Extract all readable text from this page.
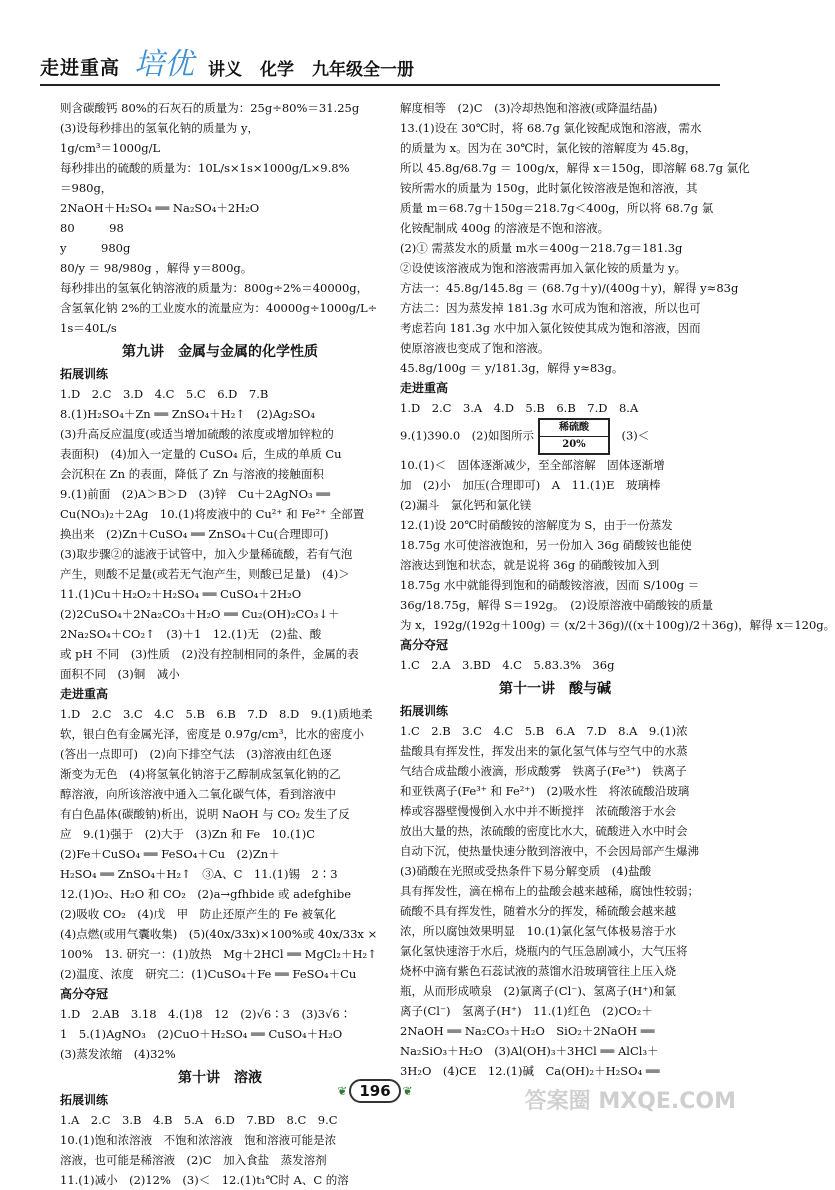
走进重高 培优 讲义 化学 九年级全一册
则含碳酸钙 80%的石灰石的质量为：25g÷80%＝31.25g
(3)设每秒排出的氢氧化钠的质量为 y，
1g/cm³＝1000g/L
每秒排出的硫酸的质量为：10L/s×1s×1000g/L×9.8%
＝980g，
2NaOH＋H₂SO₄ ══ Na₂SO₄＋2H₂O
80　　　98
y　　　980g
80/y ＝ 98/980g ，解得 y＝800g。
每秒排出的氢氧化钠溶液的质量为：800g÷2%＝40000g，
含氢氧化钠 2%的工业废水的流量应为：40000g÷1000g/L÷
1s＝40L/s
第九讲　金属与金属的化学性质
拓展训练
1.D　2.C　3.D　4.C　5.C　6.D　7.B
8.(1)H₂SO₄＋Zn ══ ZnSO₄＋H₂↑　(2)Ag₂SO₄
(3)升高反应温度(或适当增加硫酸的浓度或增加锌粒的
表面积)　(4)加入一定量的 CuSO₄ 后，生成的单质 Cu
会沉积在 Zn 的表面，降低了 Zn 与溶液的接触面积
9.(1)前面　(2)A＞B＞D　(3)锌　Cu＋2AgNO₃ ══
Cu(NO₃)₂＋2Ag　10.(1)将废液中的 Cu²⁺ 和 Fe²⁺ 全部置
换出来　(2)Zn＋CuSO₄ ══ ZnSO₄＋Cu(合理即可)
(3)取步骤②的滤液于试管中，加入少量稀硫酸，若有气泡
产生，则酸不足量(或若无气泡产生，则酸已足量)　(4)＞
11.(1)Cu＋H₂O₂＋H₂SO₄ ══ CuSO₄＋2H₂O
(2)2CuSO₄＋2Na₂CO₃＋H₂O ══ Cu₂(OH)₂CO₃↓＋
2Na₂SO₄＋CO₂↑　(3)＋1　12.(1)无　(2)盐、酸
或 pH 不同　(3)性质　(2)没有控制相同的条件，金属的表
面积不同　(3)铜　减小
走进重高
1.D　2.C　3.C　4.C　5.B　6.B　7.D　8.D　9.(1)质地柔
软，银白色有金属光泽，密度是 0.97g/cm³，比水的密度小
(答出一点即可)　(2)向下排空气法　(3)溶液由红色逐
渐变为无色　(4)将氢氧化钠溶于乙醇制成氢氧化钠的乙
醇溶液，向所该溶液中通入二氧化碳气体，看到溶液中
有白色晶体(碳酸钠)析出，说明 NaOH 与 CO₂ 发生了反
应　9.(1)强于　(2)大于　(3)Zn 和 Fe　10.(1)C
(2)Fe＋CuSO₄ ══ FeSO₄＋Cu　(2)Zn＋
H₂SO₄ ══ ZnSO₄＋H₂↑　③A、C　11.(1)锡　2∶3
12.(1)O₂、H₂O 和 CO₂　(2)a→gfhbide 或 adefghibe
(2)吸收 CO₂　(4)戊　甲　防止还原产生的 Fe 被氧化
(4)点燃(或用气囊收集)　(5)(40x/33x)×100%或 40x/33x ×
100%　13. 研究一：(1)放热　Mg＋2HCl ══ MgCl₂＋H₂↑
(2)温度、浓度　研究二：(1)CuSO₄＋Fe ══ FeSO₄＋Cu
高分夺冠
1.D　2.AB　3.18　4.(1)8　12　(2)√6∶3　(3)3√6∶
1　5.(1)AgNO₃　(2)CuO＋H₂SO₄ ══ CuSO₄＋H₂O
(3)蒸发浓缩　(4)32%
第十讲　溶液
拓展训练
1.A　2.C　3.B　4.B　5.A　6.D　7.BD　8.C　9.C
10.(1)饱和浓溶液　不饱和浓溶液　饱和溶液可能是浓
溶液，也可能是稀溶液　(2)C　加入食盐　蒸发溶剂
11.(1)减小　(2)12%　(3)＜　12.(1)t₁℃时 A、C 的溶
解度相等　(2)C　(3)冷却热饱和溶液(或降温结晶)
13.(1)设在 30℃时，将 68.7g 氯化铵配成饱和溶液，需水
的质量为 x。因为在 30℃时，氯化铵的溶解度为 45.8g，
所以 45.8g/68.7g ＝ 100g/x，解得 x＝150g，即溶解 68.7g 氯化
铵所需水的质量为 150g，此时氯化铵溶液是饱和溶液，其
质量 m＝68.7g＋150g＝218.7g＜400g，所以将 68.7g 氯
化铵配制成 400g 的溶液是不饱和溶液。
(2)① 需蒸发水的质量 m水＝400g－218.7g＝181.3g
②设使该溶液成为饱和溶液需再加入氯化铵的质量为 y。
方法一：45.8g/145.8g ＝ (68.7g＋y)/(400g＋y)，解得 y≈83g
方法二：因为蒸发掉 181.3g 水可成为饱和溶液，所以也可
考虑若向 181.3g 水中加入氯化铵使其成为饱和溶液，因而
使原溶液也变成了饱和溶液。
45.8g/100g ＝ y/181.3g，解得 y≈83g。
走进重高
1.D　2.C　3.A　4.D　5.B　6.B　7.D　8.A
9.(1)390.0　(2)如图所示
稀硫酸
20%
　(3)＜
10.(1)＜　固体逐渐减少，至全部溶解　固体逐渐增
加　(2)小　加压(合理即可)　A　11.(1)E　玻璃棒
(2)漏斗　氯化钙和氯化镁
12.(1)设 20℃时硝酸铵的溶解度为 S，由于一份蒸发
18.75g 水可使溶液饱和，另一份加入 36g 硝酸铵也能使
溶液达到饱和状态，就是说将 36g 的硝酸铵加入到
18.75g 水中就能得到饱和的硝酸铵溶液，因而 S/100g ＝
36g/18.75g，解得 S＝192g。　(2)设原溶液中硝酸铵的质量
为 x，192g/(192g＋100g) ＝ (x/2＋36g)/((x＋100g)/2＋36g)，解得 x＝120g。
高分夺冠
1.C　2.A　3.BD　4.C　5.83.3%　36g
第十一讲　酸与碱
拓展训练
1.C　2.B　3.C　4.C　5.B　6.A　7.D　8.A　9.(1)浓
盐酸具有挥发性，挥发出来的氯化氢气体与空气中的水蒸
气结合成盐酸小液滴，形成酸雾　铁离子(Fe³⁺)　铁离子
和亚铁离子(Fe³⁺ 和 Fe²⁺)　(2)吸水性　将浓硫酸沿玻璃
棒或容器壁慢慢倒入水中并不断搅拌　浓硫酸溶于水会
放出大量的热，浓硫酸的密度比水大，硫酸进入水中时会
自动下沉，使热量快速分散到溶液中，不会因局部产生爆沸
(3)硝酸在光照或受热条件下易分解变质　(4)盐酸
具有挥发性，滴在棉布上的盐酸会越来越稀，腐蚀性较弱；
硫酸不具有挥发性，随着水分的挥发，稀硫酸会越来越
浓，所以腐蚀效果明显　10.(1)氯化氢气体极易溶于水
氯化氢快速溶于水后，烧瓶内的气压急剧减小，大气压将
烧杯中滴有紫色石蕊试液的蒸馏水沿玻璃管往上压入烧
瓶，从而形成喷泉　(2)氯离子(Cl⁻)、氢离子(H⁺)和氯
离子(Cl⁻)　氢离子(H⁺)　11.(1)红色　(2)CO₂＋
2NaOH ══ Na₂CO₃＋H₂O　SiO₂＋2NaOH ══
Na₂SiO₃＋H₂O　(3)Al(OH)₃＋3HCl ══ AlCl₃＋
3H₂O　(4)CE　12.(1)碱　Ca(OH)₂＋H₂SO₄ ══
❦ 196	❦	答案圈 MXQE.COM
